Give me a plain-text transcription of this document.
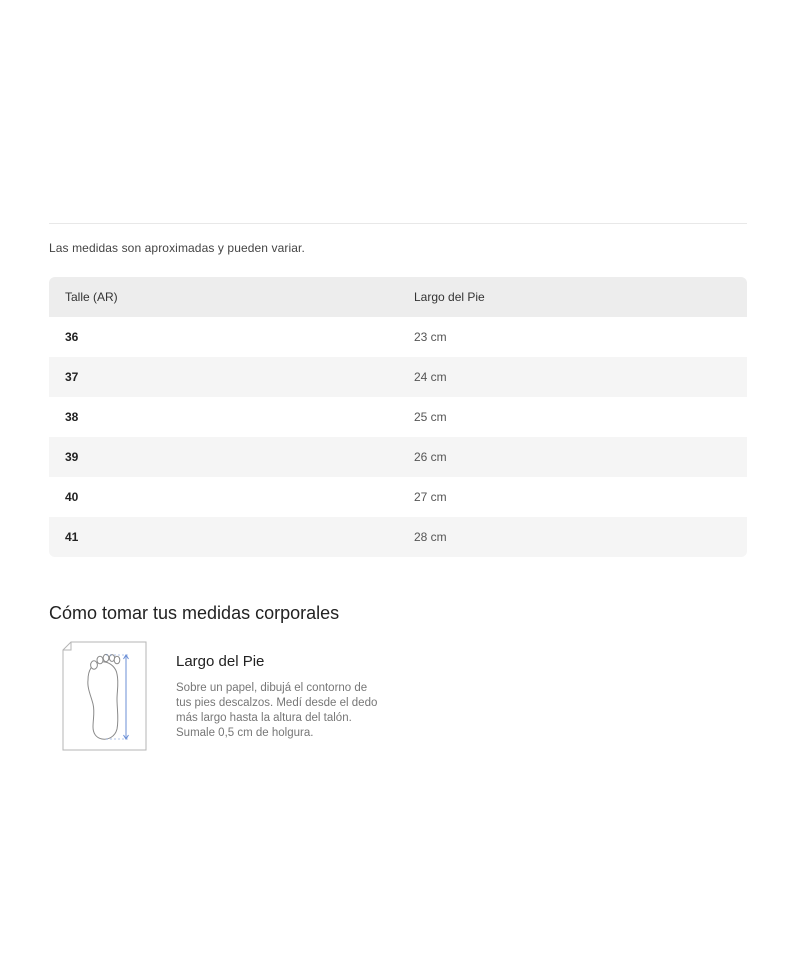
Las medidas son aproximadas y pueden variar.
Talle (AR)	Largo del Pie
36	23 cm
37	24 cm
38	25 cm
39	26 cm
40	27 cm
41	28 cm
Cómo tomar tus medidas corporales
Largo del Pie

Sobre un papel, dibujá el contorno de tus pies descalzos. Medí desde el dedo más largo hasta la altura del talón. Sumale 0,5 cm de holgura.
